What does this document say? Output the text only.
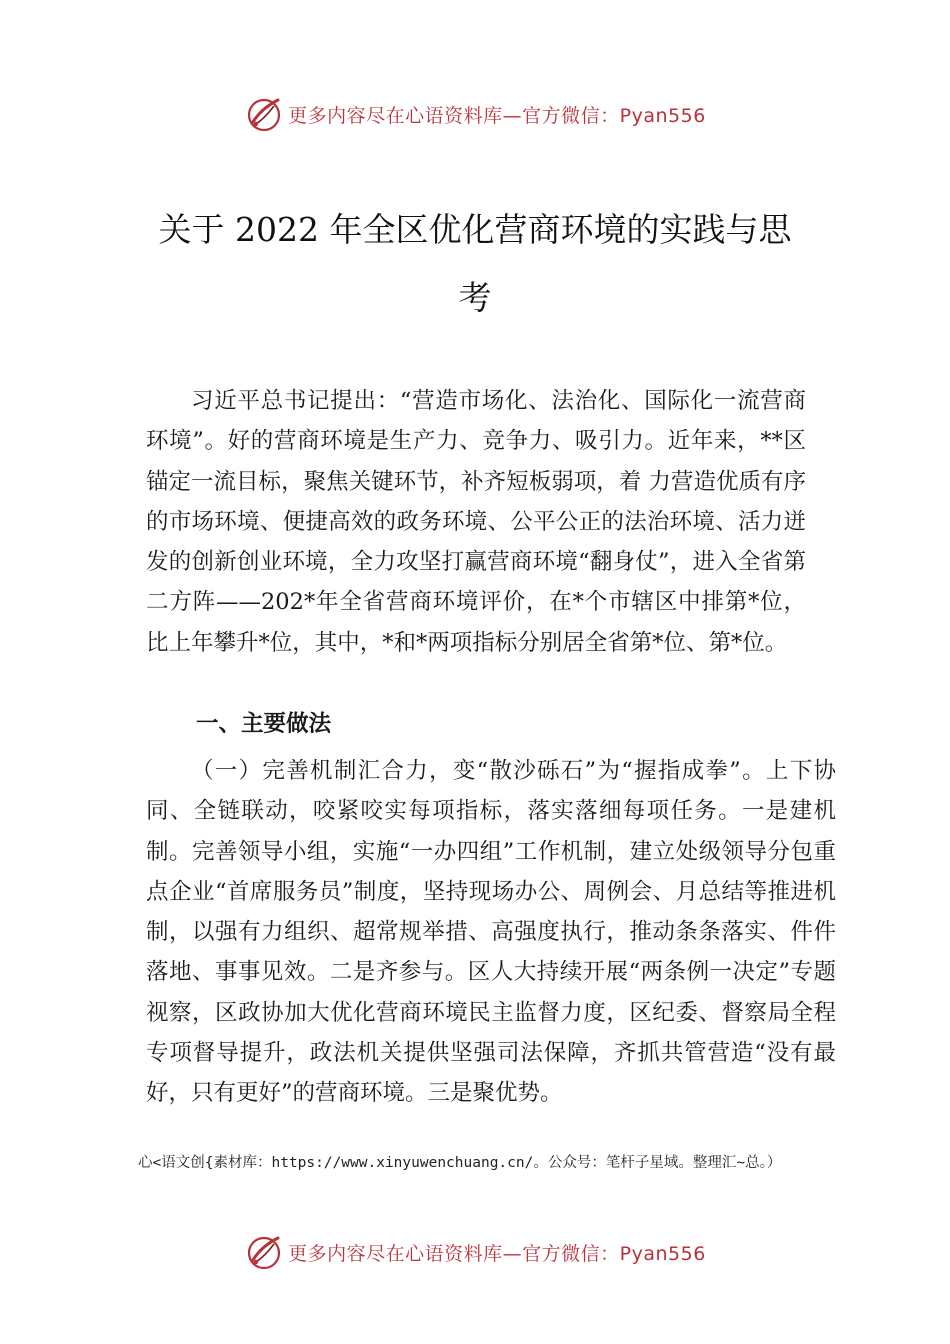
更多内容尽在心语资料库—官方微信：Pyan556
关于 2022 年全区优化营商环境的实践与思
考

习近平总书记提出：“营造市场化、法治化、国际化一流营商环境”。好的营商环境是生产力、竞争力、吸引力。近年来，**区锚定一流目标，聚焦关键环节，补齐短板弱项，着 力营造优质有序的市场环境、便捷高效的政务环境、公平公正的法治环境、活力迸发的创新创业环境，全力攻坚打赢营商环境“翻身仗”，进入全省第二方阵——202*年全省营商环境评价，在*个市辖区中排第*位，比上年攀升*位，其中，*和*两项指标分别居全省第*位、第*位。

一、主要做法

（一）完善机制汇合力，变“散沙砾石”为“握指成拳”。上下协同、全链联动，咬紧咬实每项指标，落实落细每项任务。一是建机制。完善领导小组，实施“一办四组”工作机制，建立处级领导分包重点企业“首席服务员”制度，坚持现场办公、周例会、月总结等推进机制，以强有力组织、超常规举措、高强度执行，推动条条落实、件件落地、事事见效。二是齐参与。区人大持续开展“两条例一决定”专题视察，区政协加大优化营商环境民主监督力度，区纪委、督察局全程专项督导提升，政法机关提供坚强司法保障，齐抓共管营造“没有最好，只有更好”的营商环境。三是聚优势。

心<语文创{素材库：https://www.xinyuwenchuang.cn/。公众号：笔杆子星域。整理汇~总。）
更多内容尽在心语资料库—官方微信：Pyan556
